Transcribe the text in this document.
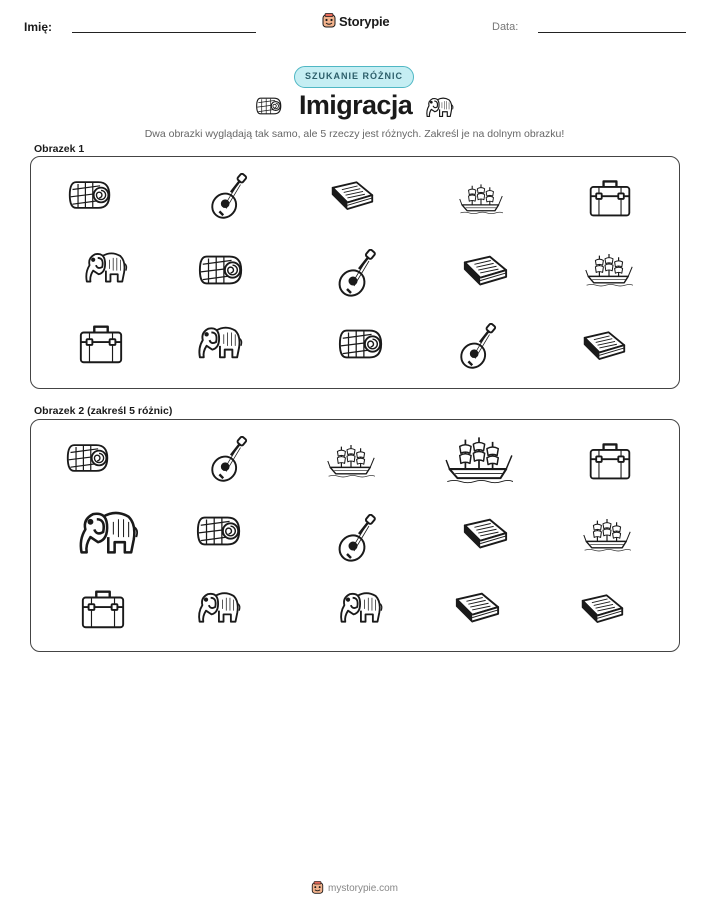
Imię:	Storypie	Data:
SZUKANIE RÓŻNIC
Imigracja
Dwa obrazki wyglądają tak samo, ale 5 rzeczy jest różnych. Zakreśl je na dolnym obrazku!
Obrazek 1
Obrazek 2 (zakreśl 5 różnic)
mystorypie.com
